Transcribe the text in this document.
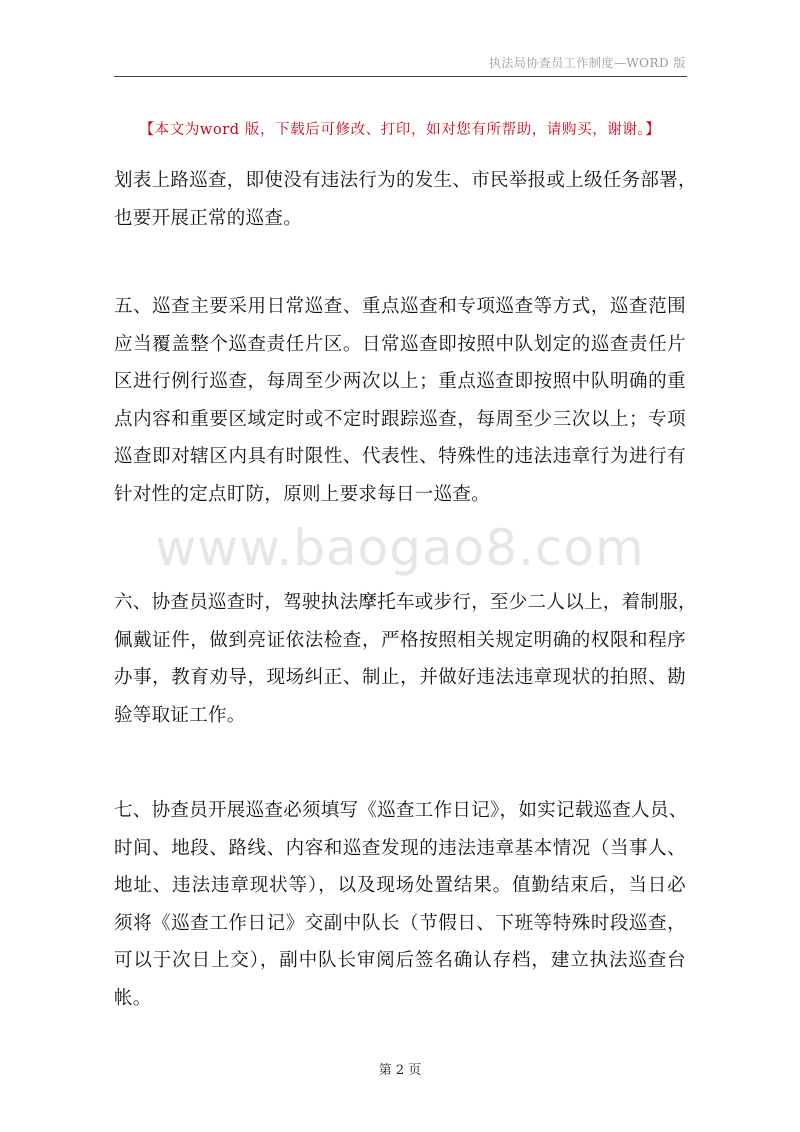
执法局协查员工作制度—WORD 版
【本文为word 版，下载后可修改、打印，如对您有所帮助，请购买，谢谢。】
www.baogao8.com
划表上路巡查，即使没有违法行为的发生、市民举报或上级任务部署，
也要开展正常的巡查。
五、巡查主要采用日常巡查、重点巡查和专项巡查等方式，巡查范围
应当覆盖整个巡查责任片区。日常巡查即按照中队划定的巡查责任片
区进行例行巡查，每周至少两次以上；重点巡查即按照中队明确的重
点内容和重要区域定时或不定时跟踪巡查，每周至少三次以上；专项
巡查即对辖区内具有时限性、代表性、特殊性的违法违章行为进行有
针对性的定点盯防，原则上要求每日一巡查。
六、协查员巡查时，驾驶执法摩托车或步行，至少二人以上，着制服，
佩戴证件，做到亮证依法检查，严格按照相关规定明确的权限和程序
办事，教育劝导，现场纠正、制止，并做好违法违章现状的拍照、勘
验等取证工作。
七、协查员开展巡查必须填写《巡查工作日记》，如实记载巡查人员、
时间、地段、路线、内容和巡查发现的违法违章基本情况（当事人、
地址、违法违章现状等），以及现场处置结果。值勤结束后，当日必
须将《巡查工作日记》交副中队长（节假日、下班等特殊时段巡查，
可以于次日上交），副中队长审阅后签名确认存档，建立执法巡查台
帐。
第 2 页
